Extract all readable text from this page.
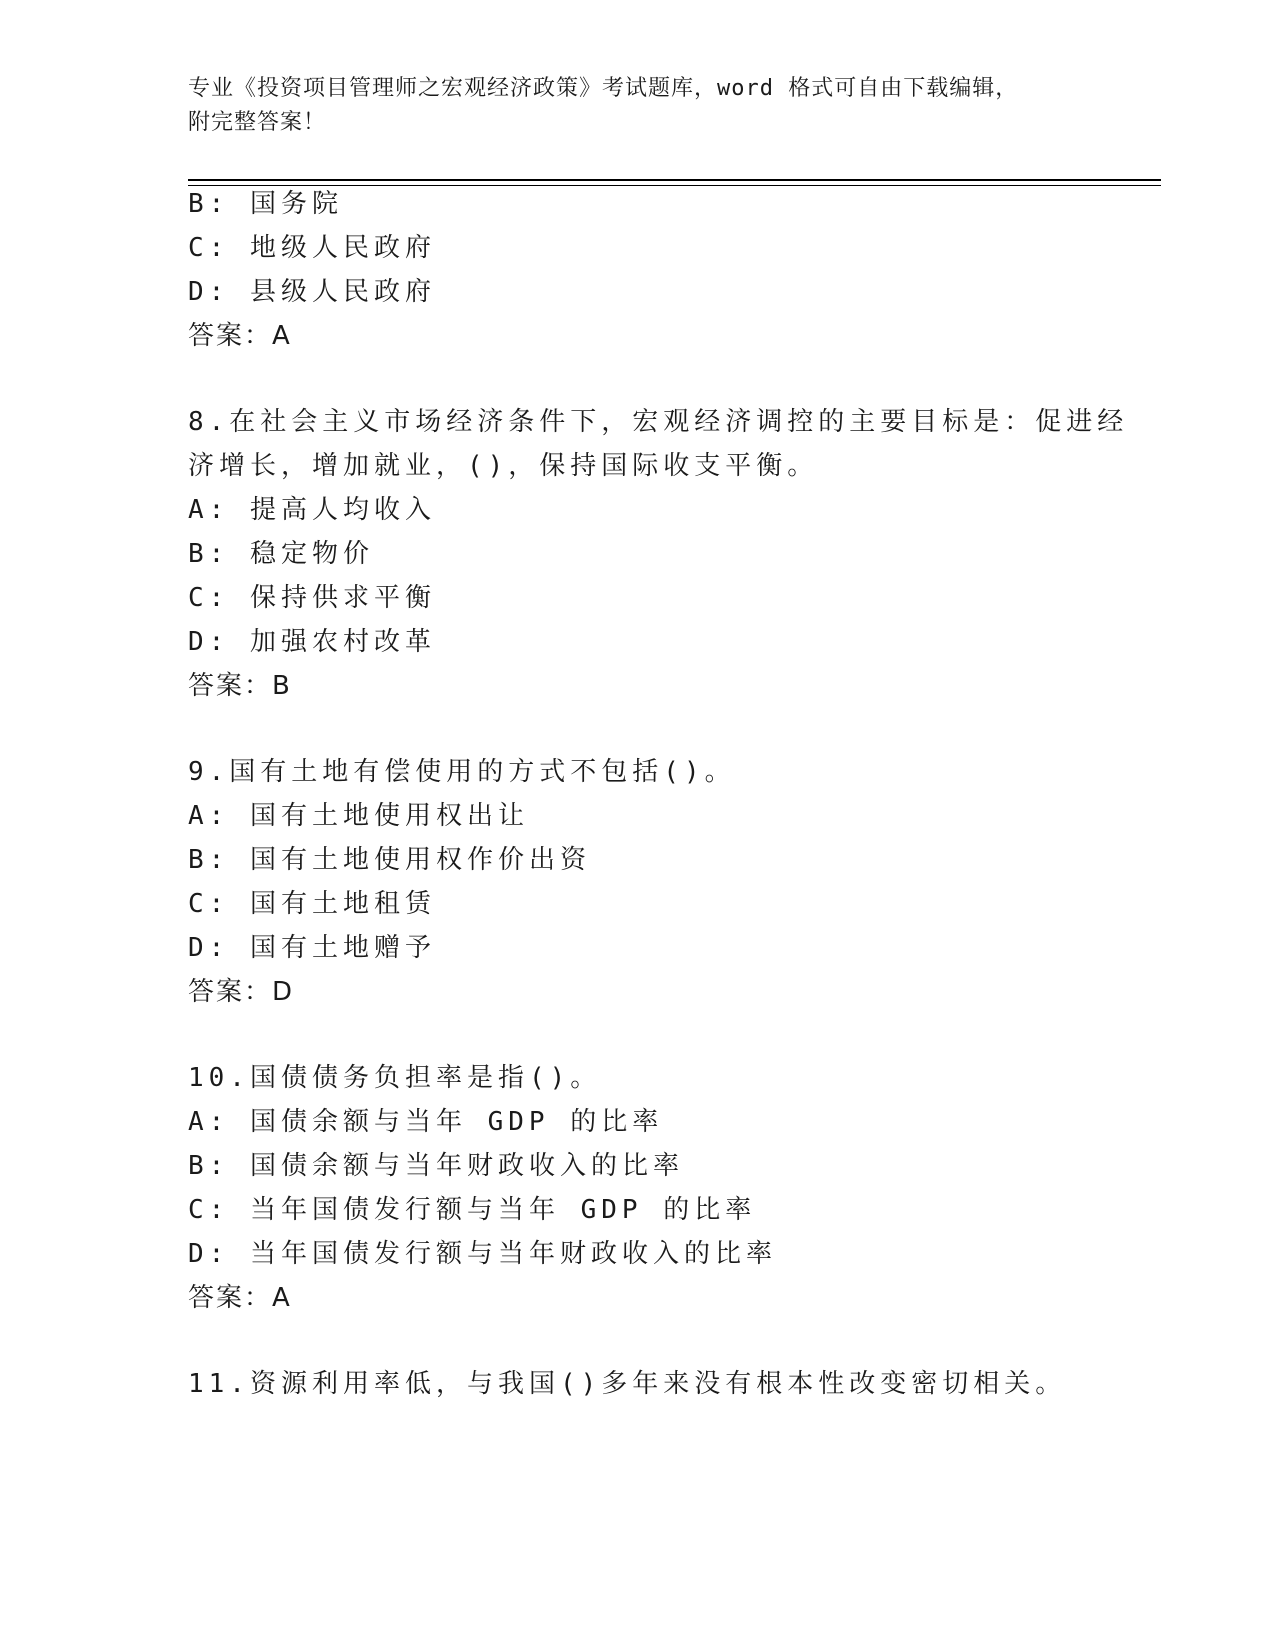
专业《投资项目管理师之宏观经济政策》考试题库，word 格式可自由下载编辑，
附完整答案！
B: 国务院
C: 地级人民政府
D: 县级人民政府
答案：A
8.在社会主义市场经济条件下，宏观经济调控的主要目标是：促进经
济增长，增加就业，()，保持国际收支平衡。
A: 提高人均收入
B: 稳定物价
C: 保持供求平衡
D: 加强农村改革
答案：B
9.国有土地有偿使用的方式不包括()。
A: 国有土地使用权出让
B: 国有土地使用权作价出资
C: 国有土地租赁
D: 国有土地赠予
答案：D
10.国债债务负担率是指()。
A: 国债余额与当年 GDP 的比率
B: 国债余额与当年财政收入的比率
C: 当年国债发行额与当年 GDP 的比率
D: 当年国债发行额与当年财政收入的比率
答案：A
11.资源利用率低，与我国()多年来没有根本性改变密切相关。
